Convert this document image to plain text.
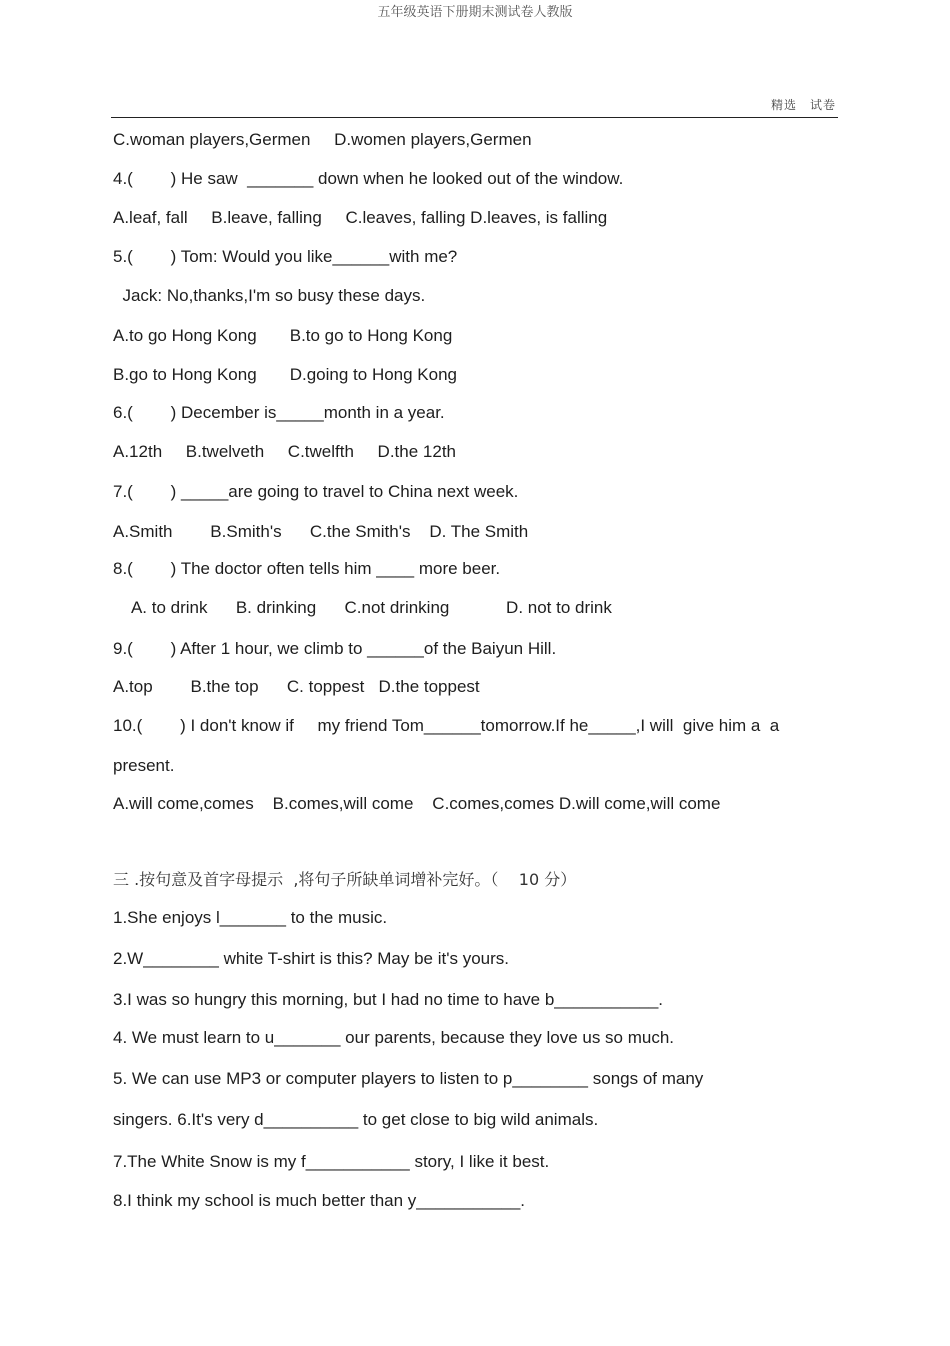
五年级英语下册期末测试卷人教版
精选　试卷
C.woman players,Germen     D.women players,Germen
4.(        ) He saw  _______ down when he looked out of the window.
A.leaf, fall     B.leave, falling     C.leaves, falling D.leaves, is falling
5.(        ) Tom: Would you like______with me?
Jack: No,thanks,I'm so busy these days.
A.to go Hong Kong       B.to go to Hong Kong
B.go to Hong Kong       D.going to Hong Kong
6.(        ) December is_____month in a year.
A.12th     B.twelveth     C.twelfth     D.the 12th
7.(        ) _____are going to travel to China next week.
A.Smith        B.Smith's      C.the Smith's    D. The Smith
8.(        ) The doctor often tells him ____ more beer.
A. to drink      B. drinking      C.not drinking            D. not to drink
9.(        ) After 1 hour, we climb to ______of the Baiyun Hill.
A.top        B.the top      C. toppest   D.the toppest
10.(        ) I don't know if     my friend Tom______tomorrow.If he_____,I will  give him a  a
present.
A.will come,comes    B.comes,will come    C.comes,comes D.will come,will come
三 .按句意及首字母提示  ,将句子所缺单词增补完好。（    10 分）
1.She enjoys l_______ to the music.
2.W________ white T-shirt is this? May be it's yours.
3.I was so hungry this morning, but I had no time to have b___________.
4. We must learn to u_______ our parents, because they love us so much.
5. We can use MP3 or computer players to listen to p________ songs of many
singers. 6.It's very d__________ to get close to big wild animals.
7.The White Snow is my f___________ story, I like it best.
8.I think my school is much better than y___________.
